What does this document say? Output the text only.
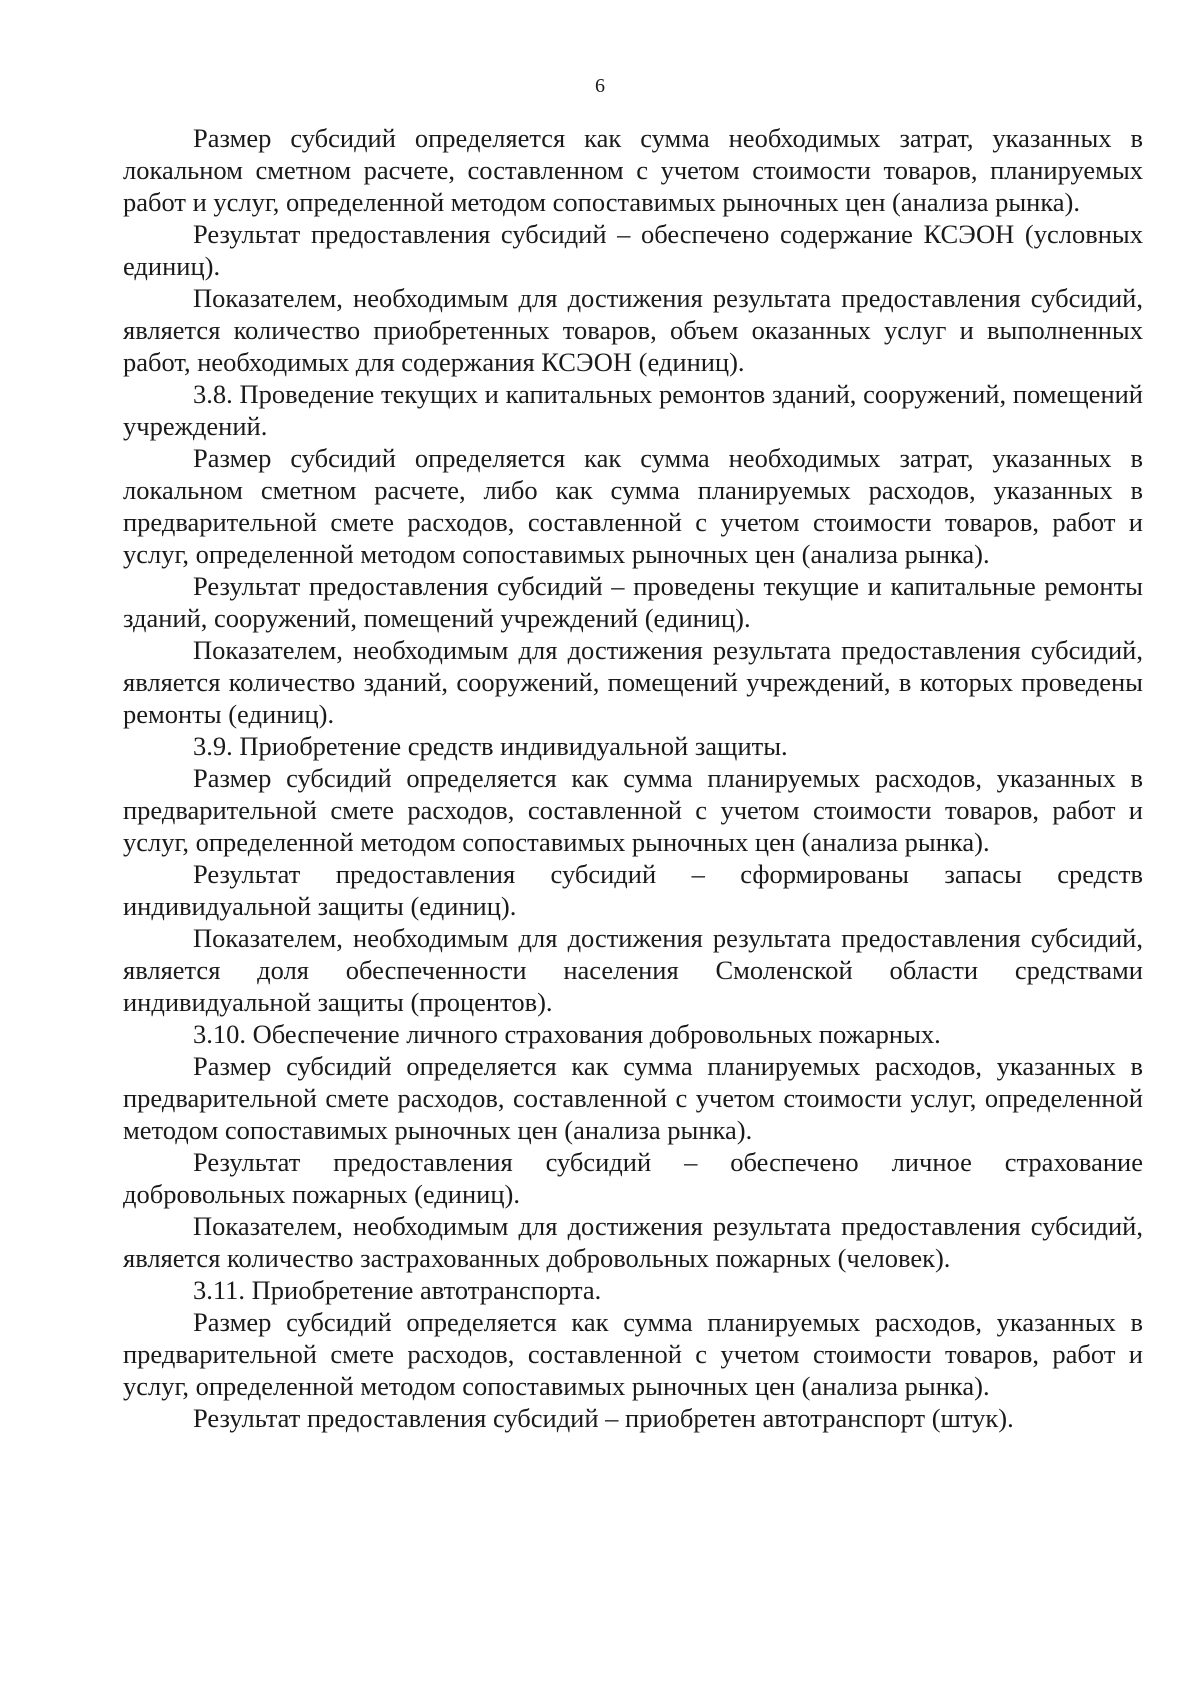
6

Размер субсидий определяется как сумма необходимых затрат, указанных в локальном сметном расчете, составленном с учетом стоимости товаров, планируемых работ и услуг, определенной методом сопоставимых рыночных цен (анализа рынка).

Результат предоставления субсидий – обеспечено содержание КСЭОН (условных единиц).

Показателем, необходимым для достижения результата предоставления субсидий, является количество приобретенных товаров, объем оказанных услуг и выполненных работ, необходимых для содержания КСЭОН (единиц).

3.8. Проведение текущих и капитальных ремонтов зданий, сооружений, помещений учреждений.

Размер субсидий определяется как сумма необходимых затрат, указанных в локальном сметном расчете, либо как сумма планируемых расходов, указанных в предварительной смете расходов, составленной с учетом стоимости товаров, работ и услуг, определенной методом сопоставимых рыночных цен (анализа рынка).

Результат предоставления субсидий – проведены текущие и капитальные ремонты зданий, сооружений, помещений учреждений (единиц).

Показателем, необходимым для достижения результата предоставления субсидий, является количество зданий, сооружений, помещений учреждений, в которых проведены ремонты (единиц).

3.9. Приобретение средств индивидуальной защиты.

Размер субсидий определяется как сумма планируемых расходов, указанных в предварительной смете расходов, составленной с учетом стоимости товаров, работ и услуг, определенной методом сопоставимых рыночных цен (анализа рынка).

Результат предоставления субсидий – сформированы запасы средств индивидуальной защиты (единиц).

Показателем, необходимым для достижения результата предоставления субсидий, является доля обеспеченности населения Смоленской области средствами индивидуальной защиты (процентов).

3.10. Обеспечение личного страхования добровольных пожарных.

Размер субсидий определяется как сумма планируемых расходов, указанных в предварительной смете расходов, составленной с учетом стоимости услуг, определенной методом сопоставимых рыночных цен (анализа рынка).

Результат предоставления субсидий – обеспечено личное страхование добровольных пожарных (единиц).

Показателем, необходимым для достижения результата предоставления субсидий, является количество застрахованных добровольных пожарных (человек).

3.11. Приобретение автотранспорта.

Размер субсидий определяется как сумма планируемых расходов, указанных в предварительной смете расходов, составленной с учетом стоимости товаров, работ и услуг, определенной методом сопоставимых рыночных цен (анализа рынка).

Результат предоставления субсидий – приобретен автотранспорт (штук).
